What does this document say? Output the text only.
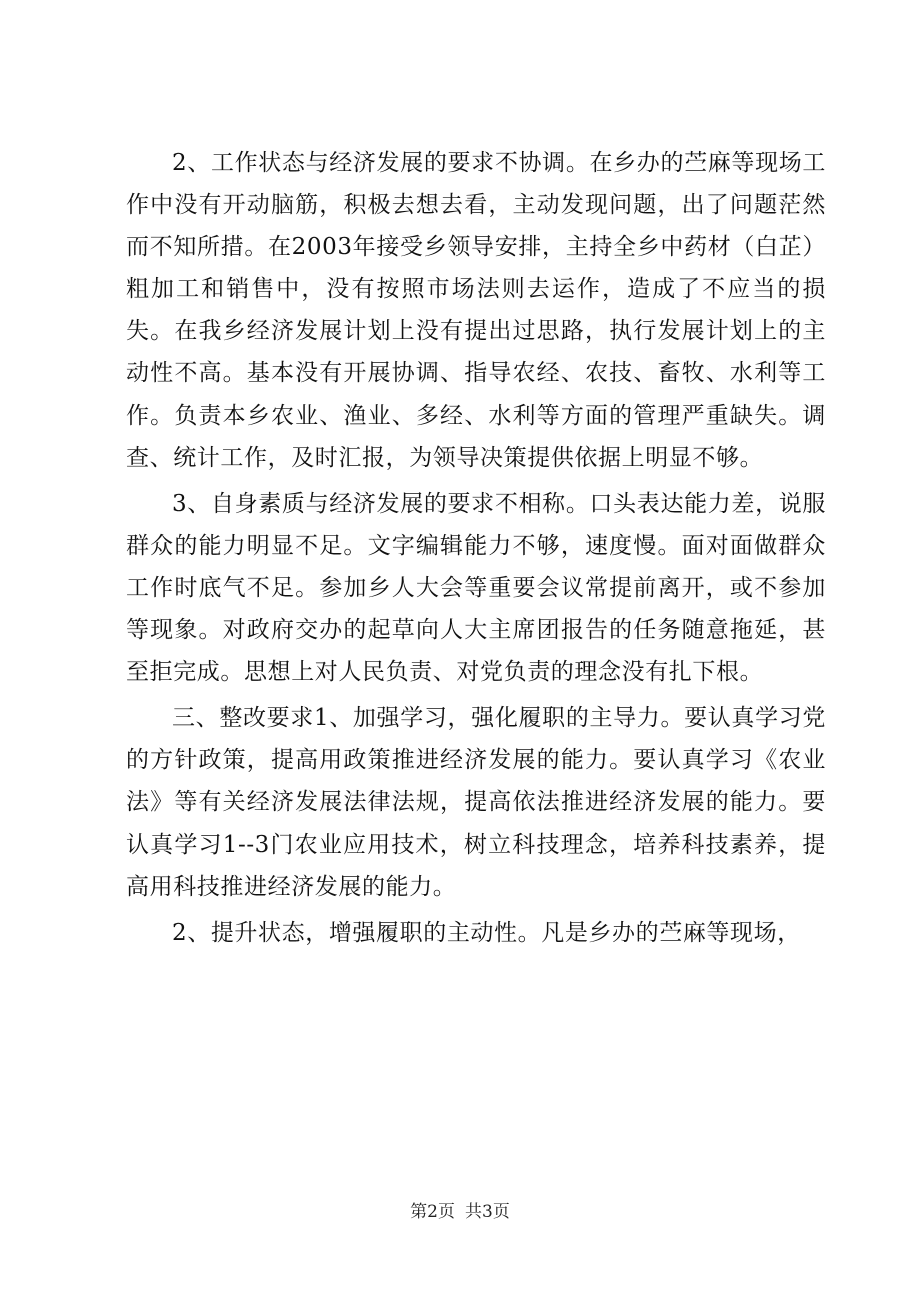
2、工作状态与经济发展的要求不协调。在乡办的苎麻等现场工作中没有开动脑筋，积极去想去看，主动发现问题，出了问题茫然而不知所措。在2003年接受乡领导安排，主持全乡中药材（白芷）粗加工和销售中，没有按照市场法则去运作，造成了不应当的损失。在我乡经济发展计划上没有提出过思路，执行发展计划上的主动性不高。基本没有开展协调、指导农经、农技、畜牧、水利等工作。负责本乡农业、渔业、多经、水利等方面的管理严重缺失。调查、统计工作，及时汇报，为领导决策提供依据上明显不够。

3、自身素质与经济发展的要求不相称。口头表达能力差，说服群众的能力明显不足。文字编辑能力不够，速度慢。面对面做群众工作时底气不足。参加乡人大会等重要会议常提前离开，或不参加等现象。对政府交办的起草向人大主席团报告的任务随意拖延，甚至拒完成。思想上对人民负责、对党负责的理念没有扎下根。

三、整改要求1、加强学习，强化履职的主导力。要认真学习党的方针政策，提高用政策推进经济发展的能力。要认真学习《农业法》等有关经济发展法律法规，提高依法推进经济发展的能力。要认真学习1--3门农业应用技术，树立科技理念，培养科技素养，提高用科技推进经济发展的能力。

2、提升状态，增强履职的主动性。凡是乡办的苎麻等现场，

第2页 共3页
